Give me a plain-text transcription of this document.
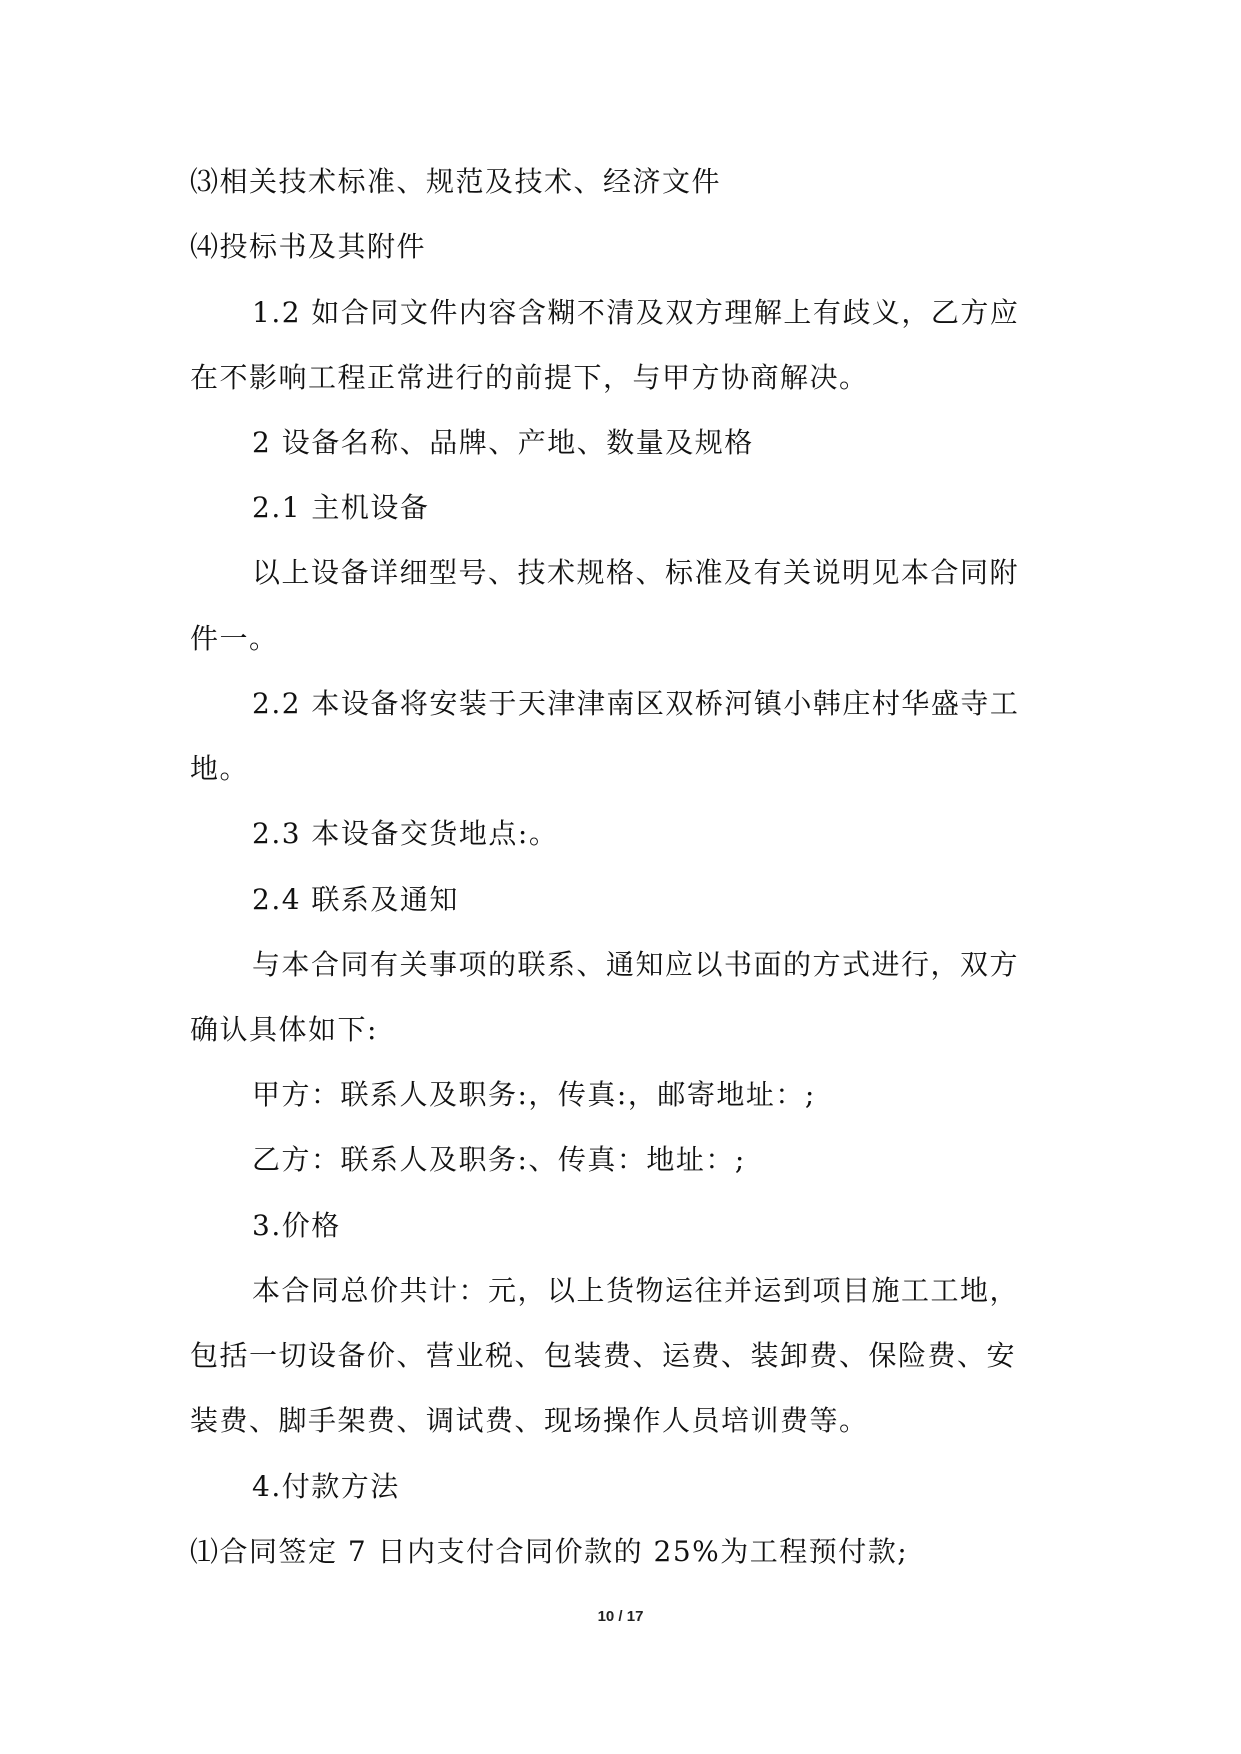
⑶相关技术标准、规范及技术、经济文件
⑷投标书及其附件
1.2 如合同文件内容含糊不清及双方理解上有歧义，乙方应
在不影响工程正常进行的前提下，与甲方协商解决。
2 设备名称、品牌、产地、数量及规格
2.1 主机设备
以上设备详细型号、技术规格、标准及有关说明见本合同附
件一。
2.2 本设备将安装于天津津南区双桥河镇小韩庄村华盛寺工
地。
2.3 本设备交货地点:。
2.4 联系及通知
与本合同有关事项的联系、通知应以书面的方式进行，双方
确认具体如下:
甲方：联系人及职务:，传真:，邮寄地址：;
乙方：联系人及职务:、传真：地址：;
3.价格
本合同总价共计：元，以上货物运往并运到项目施工工地，
包括一切设备价、营业税、包装费、运费、装卸费、保险费、安
装费、脚手架费、调试费、现场操作人员培训费等。
4.付款方法
⑴合同签定 7 日内支付合同价款的 25%为工程预付款;
10 / 17
